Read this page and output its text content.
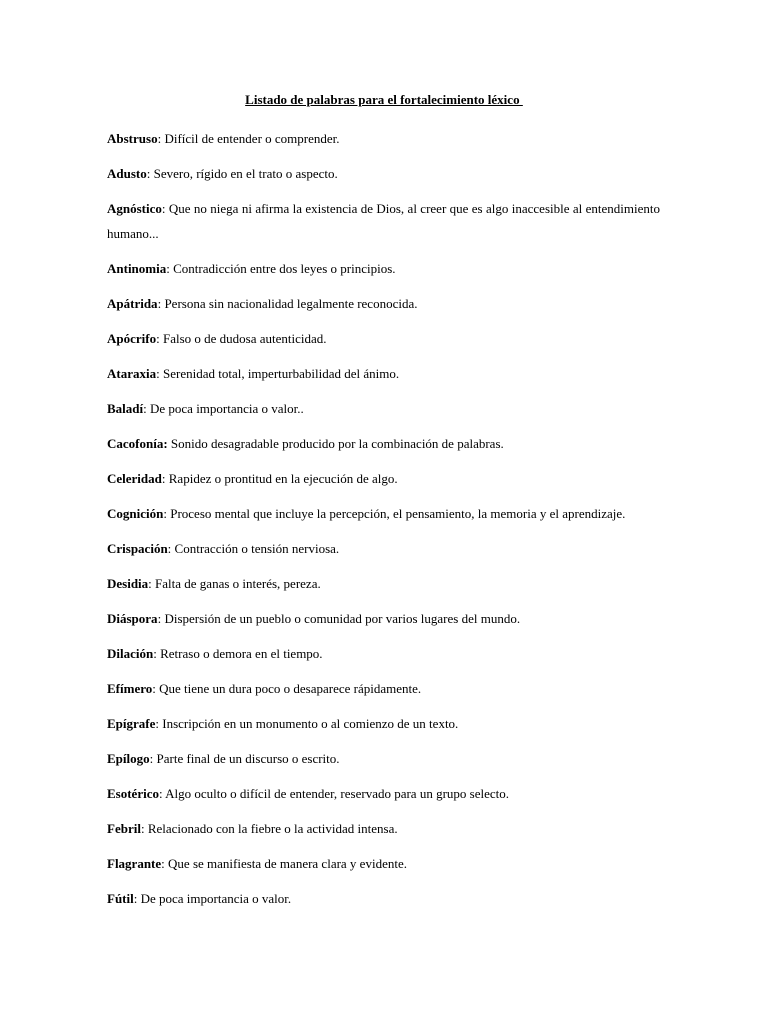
Listado de palabras para el fortalecimiento léxico
Abstruso: Difícil de entender o comprender.
Adusto: Severo, rígido en el trato o aspecto.
Agnóstico: Que no niega ni afirma la existencia de Dios, al creer que es algo inaccesible al entendimiento humano...
Antinomia: Contradicción entre dos leyes o principios.
Apátrida: Persona sin nacionalidad legalmente reconocida.
Apócrifo: Falso o de dudosa autenticidad.
Ataraxia: Serenidad total, imperturbabilidad del ánimo.
Baladí: De poca importancia o valor..
Cacofonía: Sonido desagradable producido por la combinación de palabras.
Celeridad: Rapidez o prontitud en la ejecución de algo.
Cognición: Proceso mental que incluye la percepción, el pensamiento, la memoria y el aprendizaje.
Crispación: Contracción o tensión nerviosa.
Desidia: Falta de ganas o interés, pereza.
Diáspora: Dispersión de un pueblo o comunidad por varios lugares del mundo.
Dilación: Retraso o demora en el tiempo.
Efímero: Que tiene un dura poco o desaparece rápidamente.
Epígrafe: Inscripción en un monumento o al comienzo de un texto.
Epílogo: Parte final de un discurso o escrito.
Esotérico: Algo oculto o difícil de entender, reservado para un grupo selecto.
Febril: Relacionado con la fiebre o la actividad intensa.
Flagrante: Que se manifiesta de manera clara y evidente.
Fútil: De poca importancia o valor.
